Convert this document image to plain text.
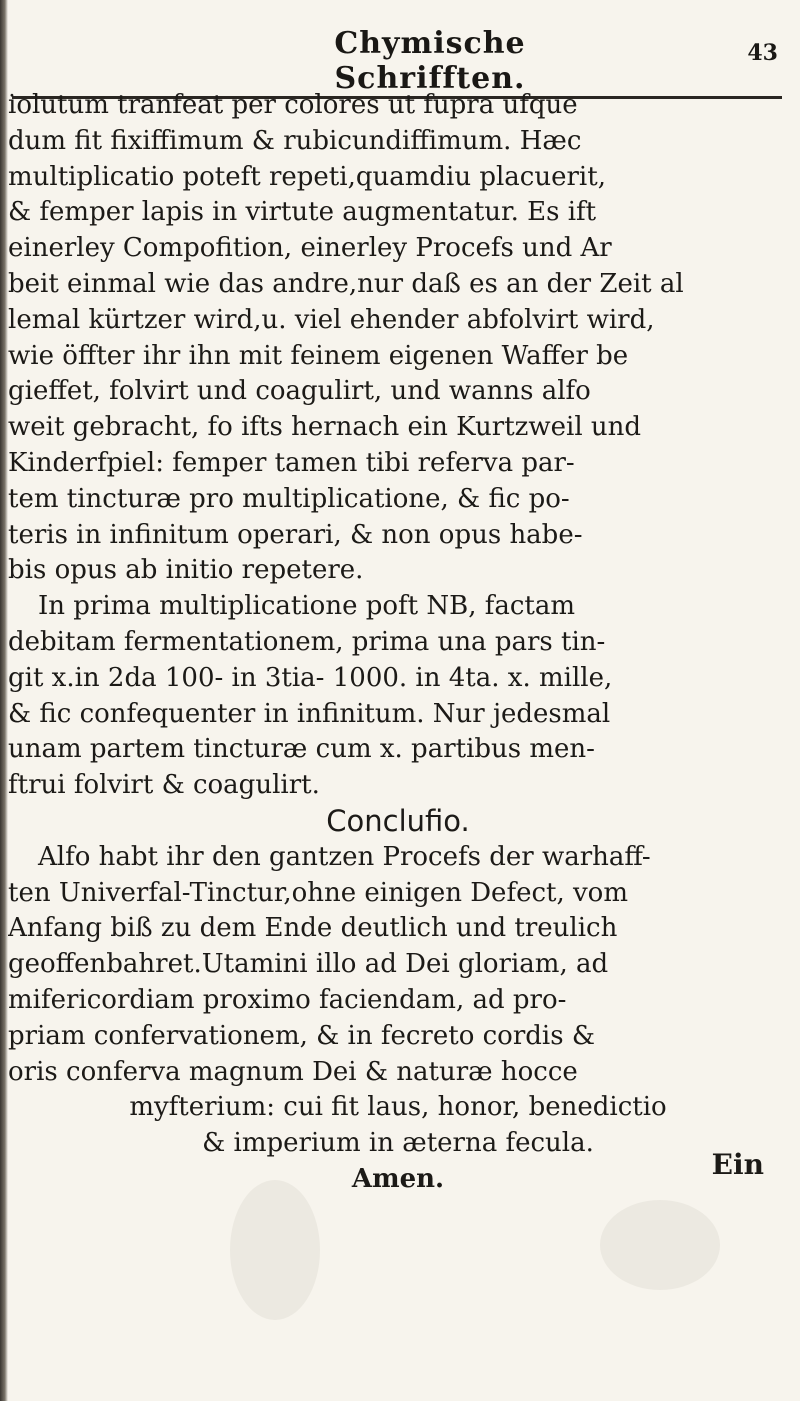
Chymische Schrifften.
43
iolutum tranfeat per colores ut fupra ufque
dum fit fixiffimum & rubicundiffimum. Hæc
multiplicatio poteft repeti,quamdiu placuerit,
& femper lapis in virtute augmentatur. Es ift
einerley Compofition, einerley Procefs und Ar
beit einmal wie das andre,nur daß es an der Zeit al
lemal kürtzer wird,u. viel ehender abfolvirt wird,
wie öffter ihr ihn mit feinem eigenen Waffer be
gieffet, folvirt und coagulirt, und wanns alfo
weit gebracht, fo ifts hernach ein Kurtzweil und
Kinderfpiel: femper tamen tibi referva par-
tem tincturæ pro multiplicatione, & fic po-
teris in infinitum operari, & non opus habe-
bis opus ab initio repetere.
In prima multiplicatione poft NB, factam
debitam fermentationem, prima una pars tin-
git x.in 2da 100- in 3tia- 1000. in 4ta. x. mille,
& fic confequenter in infinitum. Nur jedesmal
unam partem tincturæ cum x. partibus men-
ftrui folvirt & coagulirt.
Conclufio.
Alfo habt ihr den gantzen Procefs der warhaff-
ten Univerfal-Tinctur,ohne einigen Defect, vom
Anfang biß zu dem Ende deutlich und treulich
geoffenbahret.Utamini illo ad Dei gloriam, ad
mifericordiam proximo faciendam, ad pro-
priam confervationem, & in fecreto cordis &
oris conferva magnum Dei & naturæ hocce
myfterium: cui fit laus, honor, benedictio
& imperium in æterna fecula.
Amen.	Ein
